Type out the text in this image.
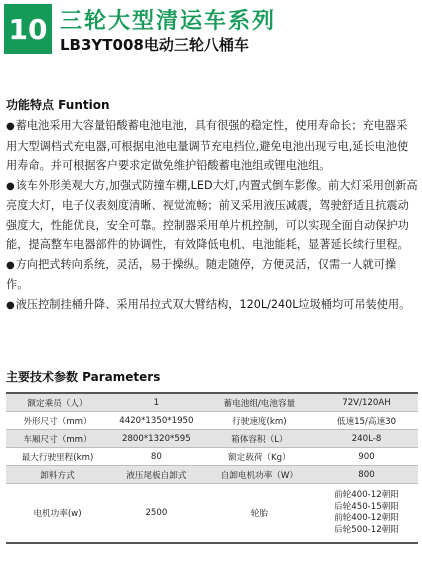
10 三轮大型清运车系列
LB3YT008电动三轮八桶车
功能特点 Funtion

●蓄电池采用大容量铅酸蓄电池电池，具有很强的稳定性，使用寿命长；充电器采用大型调档式充电器,可根据电池电量调节充电档位,避免电池出现亏电,延长电池使用寿命。并可根据客户要求定做免维护铅酸蓄电池组或锂电池组。

●该车外形美观大方,加强式防撞车棚,LED大灯,内置式倒车影像。前大灯采用创新高亮度大灯，电子仪表刻度清晰、视觉流畅；前叉采用液压减震，驾驶舒适且抗震动强度大，性能优良，安全可靠。控制器采用单片机控制，可以实现全面自动保护功能，提高整车电器部件的协调性，有效降低电机、电池能耗，显著延长续行里程。

●方向把式转向系统，灵活，易于操纵。随走随停，方便灵活，仅需一人就可操作。

●液压控制挂桶升降、采用吊拉式双大臂结构，120L/240L垃圾桶均可吊装使用。

主要技术参数 Parameters
额定乘员（人）	1	蓄电池组/电池容量	72V/120AH
外形尺寸（mm）	4420*1350*1950	行驶速度(km)	低速15/高速30
车厢尺寸（mm）	2800*1320*595	箱体容积（L）	240L-8
最大行驶里程(km)	80	额定载荷（Kg）	900
卸料方式	液压尾板自卸式	自卸电机功率（W）	800
电机功率(w)	2500	轮胎	前轮400-12朝阳
后轮450-15朝阳
前轮400-12朝阳
后轮500-12朝阳
